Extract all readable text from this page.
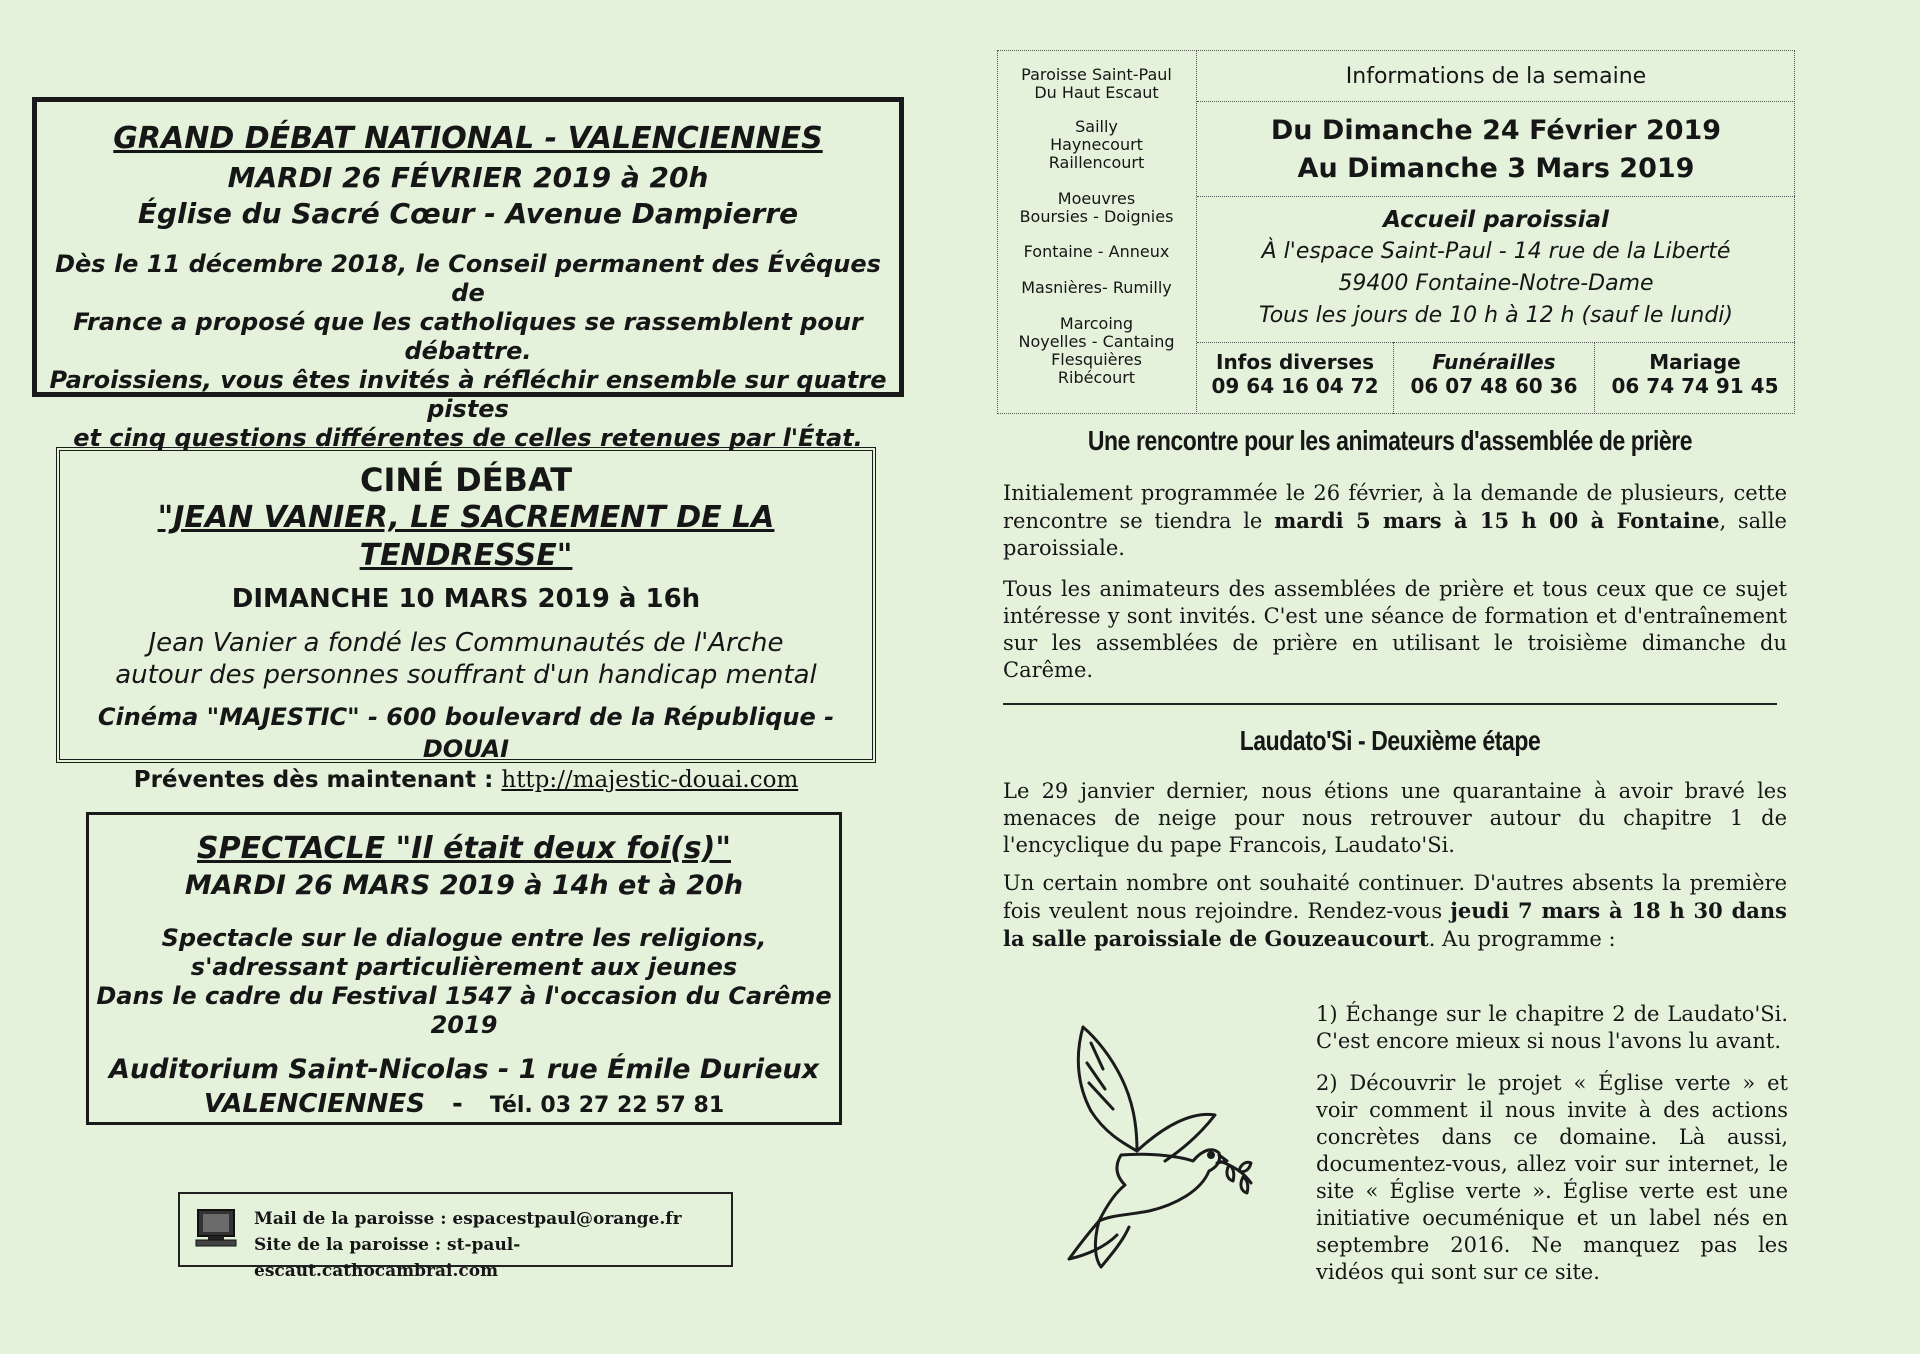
GRAND DÉBAT NATIONAL - VALENCIENNES
MARDI 26 FÉVRIER 2019 à 20h
Église du Sacré Cœur - Avenue Dampierre
Dès le 11 décembre 2018, le Conseil permanent des Évêques de
France a proposé que les catholiques se rassemblent pour débattre.
Paroissiens, vous êtes invités à réfléchir ensemble sur quatre pistes
et cinq questions différentes de celles retenues par l'État.
CINÉ DÉBAT
"JEAN VANIER, LE SACREMENT DE LA TENDRESSE"
DIMANCHE 10 MARS 2019 à 16h
Jean Vanier a fondé les Communautés de l'Arche
autour des personnes souffrant d'un handicap mental
Cinéma "MAJESTIC" - 600 boulevard de la République - DOUAI
Préventes dès maintenant : http://majestic-douai.com
SPECTACLE "Il était deux foi(s)"
MARDI 26 MARS 2019 à 14h et à 20h
Spectacle sur le dialogue entre les religions,
s'adressant particulièrement aux jeunes
Dans le cadre du Festival 1547 à l'occasion du Carême 2019
Auditorium Saint-Nicolas - 1 rue Émile Durieux
VALENCIENNES - Tél. 03 27 22 57 81
Mail de la paroisse : espacestpaul@orange.fr
Site de la paroisse : st-paul-escaut.cathocambrai.com
Paroisse Saint-Paul
Du Haut Escaut
Sailly
Haynecourt
Raillencourt
Moeuvres
Boursies - Doignies
Fontaine - Anneux
Masnières- Rumilly
Marcoing
Noyelles - Cantaing
Flesquières
Ribécourt
Informations de la semaine
Du Dimanche 24 Février 2019
Au Dimanche 3 Mars 2019
Accueil paroissial
À l'espace Saint-Paul - 14 rue de la Liberté
59400 Fontaine-Notre-Dame
Tous les jours de 10 h à 12 h (sauf le lundi)
Infos diverses
09 64 16 04 72
Funérailles
06 07 48 60 36
Mariage
06 74 74 91 45
Une rencontre pour les animateurs d'assemblée de prière
Initialement programmée le 26 février, à la demande de plusieurs, cette rencontre se tiendra le mardi 5 mars à 15 h 00 à Fontaine, salle paroissiale.
Tous les animateurs des assemblées de prière et tous ceux que ce sujet intéresse y sont invités. C'est une séance de formation et d'entraînement sur les assemblées de prière en utilisant le troisième dimanche du Carême.
Laudato'Si - Deuxième étape
Le 29 janvier dernier, nous étions une quarantaine à avoir bravé les menaces de neige pour nous retrouver autour du chapitre 1 de l'encyclique du pape Francois, Laudato'Si.
Un certain nombre ont souhaité continuer. D'autres absents la première fois veulent nous rejoindre. Rendez-vous jeudi 7 mars à 18 h 30 dans la salle paroissiale de Gouzeaucourt. Au programme :
1) Échange sur le chapitre 2 de Laudato'Si. C'est encore mieux si nous l'avons lu avant.
2) Découvrir le projet « Église verte » et voir comment il nous invite à des actions concrètes dans ce domaine. Là aussi, documentez-vous, allez voir sur internet, le site « Église verte ». Église verte est une initiative oecuménique et un label nés en septembre 2016. Ne manquez pas les vidéos qui sont sur ce site.
